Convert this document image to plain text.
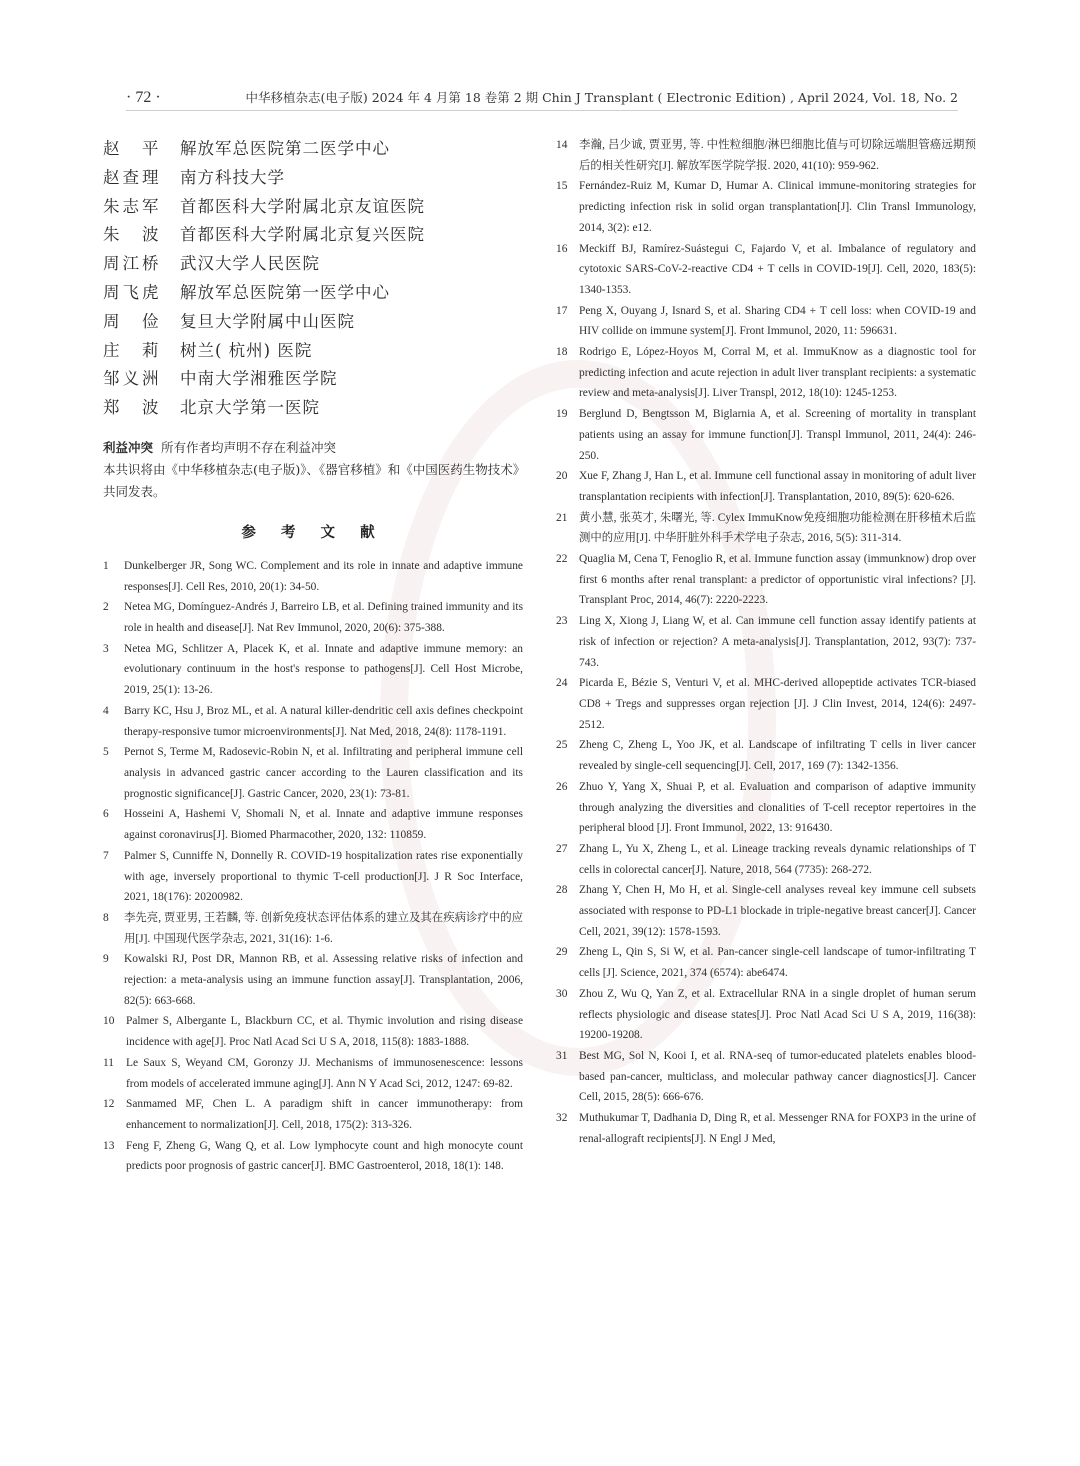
· 72 ·	中华移植杂志(电子版) 2024 年 4 月第 18 卷第 2 期 Chin J Transplant ( Electronic Edition) , April 2024, Vol. 18, No. 2
赵　平	解放军总医院第二医学中心
赵查理	南方科技大学
朱志军	首都医科大学附属北京友谊医院
朱　波	首都医科大学附属北京复兴医院
周江桥	武汉大学人民医院
周飞虎	解放军总医院第一医学中心
周　俭	复旦大学附属中山医院
庄　莉	树兰( 杭州) 医院
邹义洲	中南大学湘雅医学院
郑　波	北京大学第一医院
利益冲突 所有作者均声明不存在利益冲突
本共识将由《中华移植杂志(电子版)》、《器官移植》和《中国医药生物技术》共同发表。
参 考 文 献
1	Dunkelberger JR, Song WC. Complement and its role in innate and adaptive immune responses[J]. Cell Res, 2010, 20(1): 34-50.
2	Netea MG, Domínguez-Andrés J, Barreiro LB, et al. Defining trained immunity and its role in health and disease[J]. Nat Rev Immunol, 2020, 20(6): 375-388.
3	Netea MG, Schlitzer A, Placek K, et al. Innate and adaptive immune memory: an evolutionary continuum in the host's response to pathogens[J]. Cell Host Microbe, 2019, 25(1): 13-26.
4	Barry KC, Hsu J, Broz ML, et al. A natural killer-dendritic cell axis defines checkpoint therapy-responsive tumor microenvironments[J]. Nat Med, 2018, 24(8): 1178-1191.
5	Pernot S, Terme M, Radosevic-Robin N, et al. Infiltrating and peripheral immune cell analysis in advanced gastric cancer according to the Lauren classification and its prognostic significance[J]. Gastric Cancer, 2020, 23(1): 73-81.
6	Hosseini A, Hashemi V, Shomali N, et al. Innate and adaptive immune responses against coronavirus[J]. Biomed Pharmacother, 2020, 132: 110859.
7	Palmer S, Cunniffe N, Donnelly R. COVID-19 hospitalization rates rise exponentially with age, inversely proportional to thymic T-cell production[J]. J R Soc Interface, 2021, 18(176): 20200982.
8	李先亮, 贾亚男, 王若麟, 等. 创新免疫状态评估体系的建立及其在疾病诊疗中的应用[J]. 中国现代医学杂志, 2021, 31(16): 1-6.
9	Kowalski RJ, Post DR, Mannon RB, et al. Assessing relative risks of infection and rejection: a meta-analysis using an immune function assay[J]. Transplantation, 2006, 82(5): 663-668.
10	Palmer S, Albergante L, Blackburn CC, et al. Thymic involution and rising disease incidence with age[J]. Proc Natl Acad Sci U S A, 2018, 115(8): 1883-1888.
11	Le Saux S, Weyand CM, Goronzy JJ. Mechanisms of immunosenescence: lessons from models of accelerated immune aging[J]. Ann N Y Acad Sci, 2012, 1247: 69-82.
12	Sanmamed MF, Chen L. A paradigm shift in cancer immunotherapy: from enhancement to normalization[J]. Cell, 2018, 175(2): 313-326.
13	Feng F, Zheng G, Wang Q, et al. Low lymphocyte count and high monocyte count predicts poor prognosis of gastric cancer[J]. BMC Gastroenterol, 2018, 18(1): 148.
14	李瀚, 吕少诚, 贾亚男, 等. 中性粒细胞/淋巴细胞比值与可切除远端胆管癌远期预后的相关性研究[J]. 解放军医学院学报. 2020, 41(10): 959-962.
15	Fernández-Ruiz M, Kumar D, Humar A. Clinical immune-monitoring strategies for predicting infection risk in solid organ transplantation[J]. Clin Transl Immunology, 2014, 3(2): e12.
16	Meckiff BJ, Ramírez-Suástegui C, Fajardo V, et al. Imbalance of regulatory and cytotoxic SARS-CoV-2-reactive CD4 + T cells in COVID-19[J]. Cell, 2020, 183(5): 1340-1353.
17	Peng X, Ouyang J, Isnard S, et al. Sharing CD4 + T cell loss: when COVID-19 and HIV collide on immune system[J]. Front Immunol, 2020, 11: 596631.
18	Rodrigo E, López-Hoyos M, Corral M, et al. ImmuKnow as a diagnostic tool for predicting infection and acute rejection in adult liver transplant recipients: a systematic review and meta-analysis[J]. Liver Transpl, 2012, 18(10): 1245-1253.
19	Berglund D, Bengtsson M, Biglarnia A, et al. Screening of mortality in transplant patients using an assay for immune function[J]. Transpl Immunol, 2011, 24(4): 246-250.
20	Xue F, Zhang J, Han L, et al. Immune cell functional assay in monitoring of adult liver transplantation recipients with infection[J]. Transplantation, 2010, 89(5): 620-626.
21	黄小慧, 张英才, 朱曙光, 等. Cylex ImmuKnow免疫细胞功能检测在肝移植术后监测中的应用[J]. 中华肝脏外科手术学电子杂志, 2016, 5(5): 311-314.
22	Quaglia M, Cena T, Fenoglio R, et al. Immune function assay (immunknow) drop over first 6 months after renal transplant: a predictor of opportunistic viral infections? [J]. Transplant Proc, 2014, 46(7): 2220-2223.
23	Ling X, Xiong J, Liang W, et al. Can immune cell function assay identify patients at risk of infection or rejection? A meta-analysis[J]. Transplantation, 2012, 93(7): 737-743.
24	Picarda E, Bézie S, Venturi V, et al. MHC-derived allopeptide activates TCR-biased CD8 + Tregs and suppresses organ rejection [J]. J Clin Invest, 2014, 124(6): 2497-2512.
25	Zheng C, Zheng L, Yoo JK, et al. Landscape of infiltrating T cells in liver cancer revealed by single-cell sequencing[J]. Cell, 2017, 169 (7): 1342-1356.
26	Zhuo Y, Yang X, Shuai P, et al. Evaluation and comparison of adaptive immunity through analyzing the diversities and clonalities of T-cell receptor repertoires in the peripheral blood [J]. Front Immunol, 2022, 13: 916430.
27	Zhang L, Yu X, Zheng L, et al. Lineage tracking reveals dynamic relationships of T cells in colorectal cancer[J]. Nature, 2018, 564 (7735): 268-272.
28	Zhang Y, Chen H, Mo H, et al. Single-cell analyses reveal key immune cell subsets associated with response to PD-L1 blockade in triple-negative breast cancer[J]. Cancer Cell, 2021, 39(12): 1578-1593.
29	Zheng L, Qin S, Si W, et al. Pan-cancer single-cell landscape of tumor-infiltrating T cells [J]. Science, 2021, 374 (6574): abe6474.
30	Zhou Z, Wu Q, Yan Z, et al. Extracellular RNA in a single droplet of human serum reflects physiologic and disease states[J]. Proc Natl Acad Sci U S A, 2019, 116(38): 19200-19208.
31	Best MG, Sol N, Kooi I, et al. RNA-seq of tumor-educated platelets enables blood-based pan-cancer, multiclass, and molecular pathway cancer diagnostics[J]. Cancer Cell, 2015, 28(5): 666-676.
32	Muthukumar T, Dadhania D, Ding R, et al. Messenger RNA for FOXP3 in the urine of renal-allograft recipients[J]. N Engl J Med,
